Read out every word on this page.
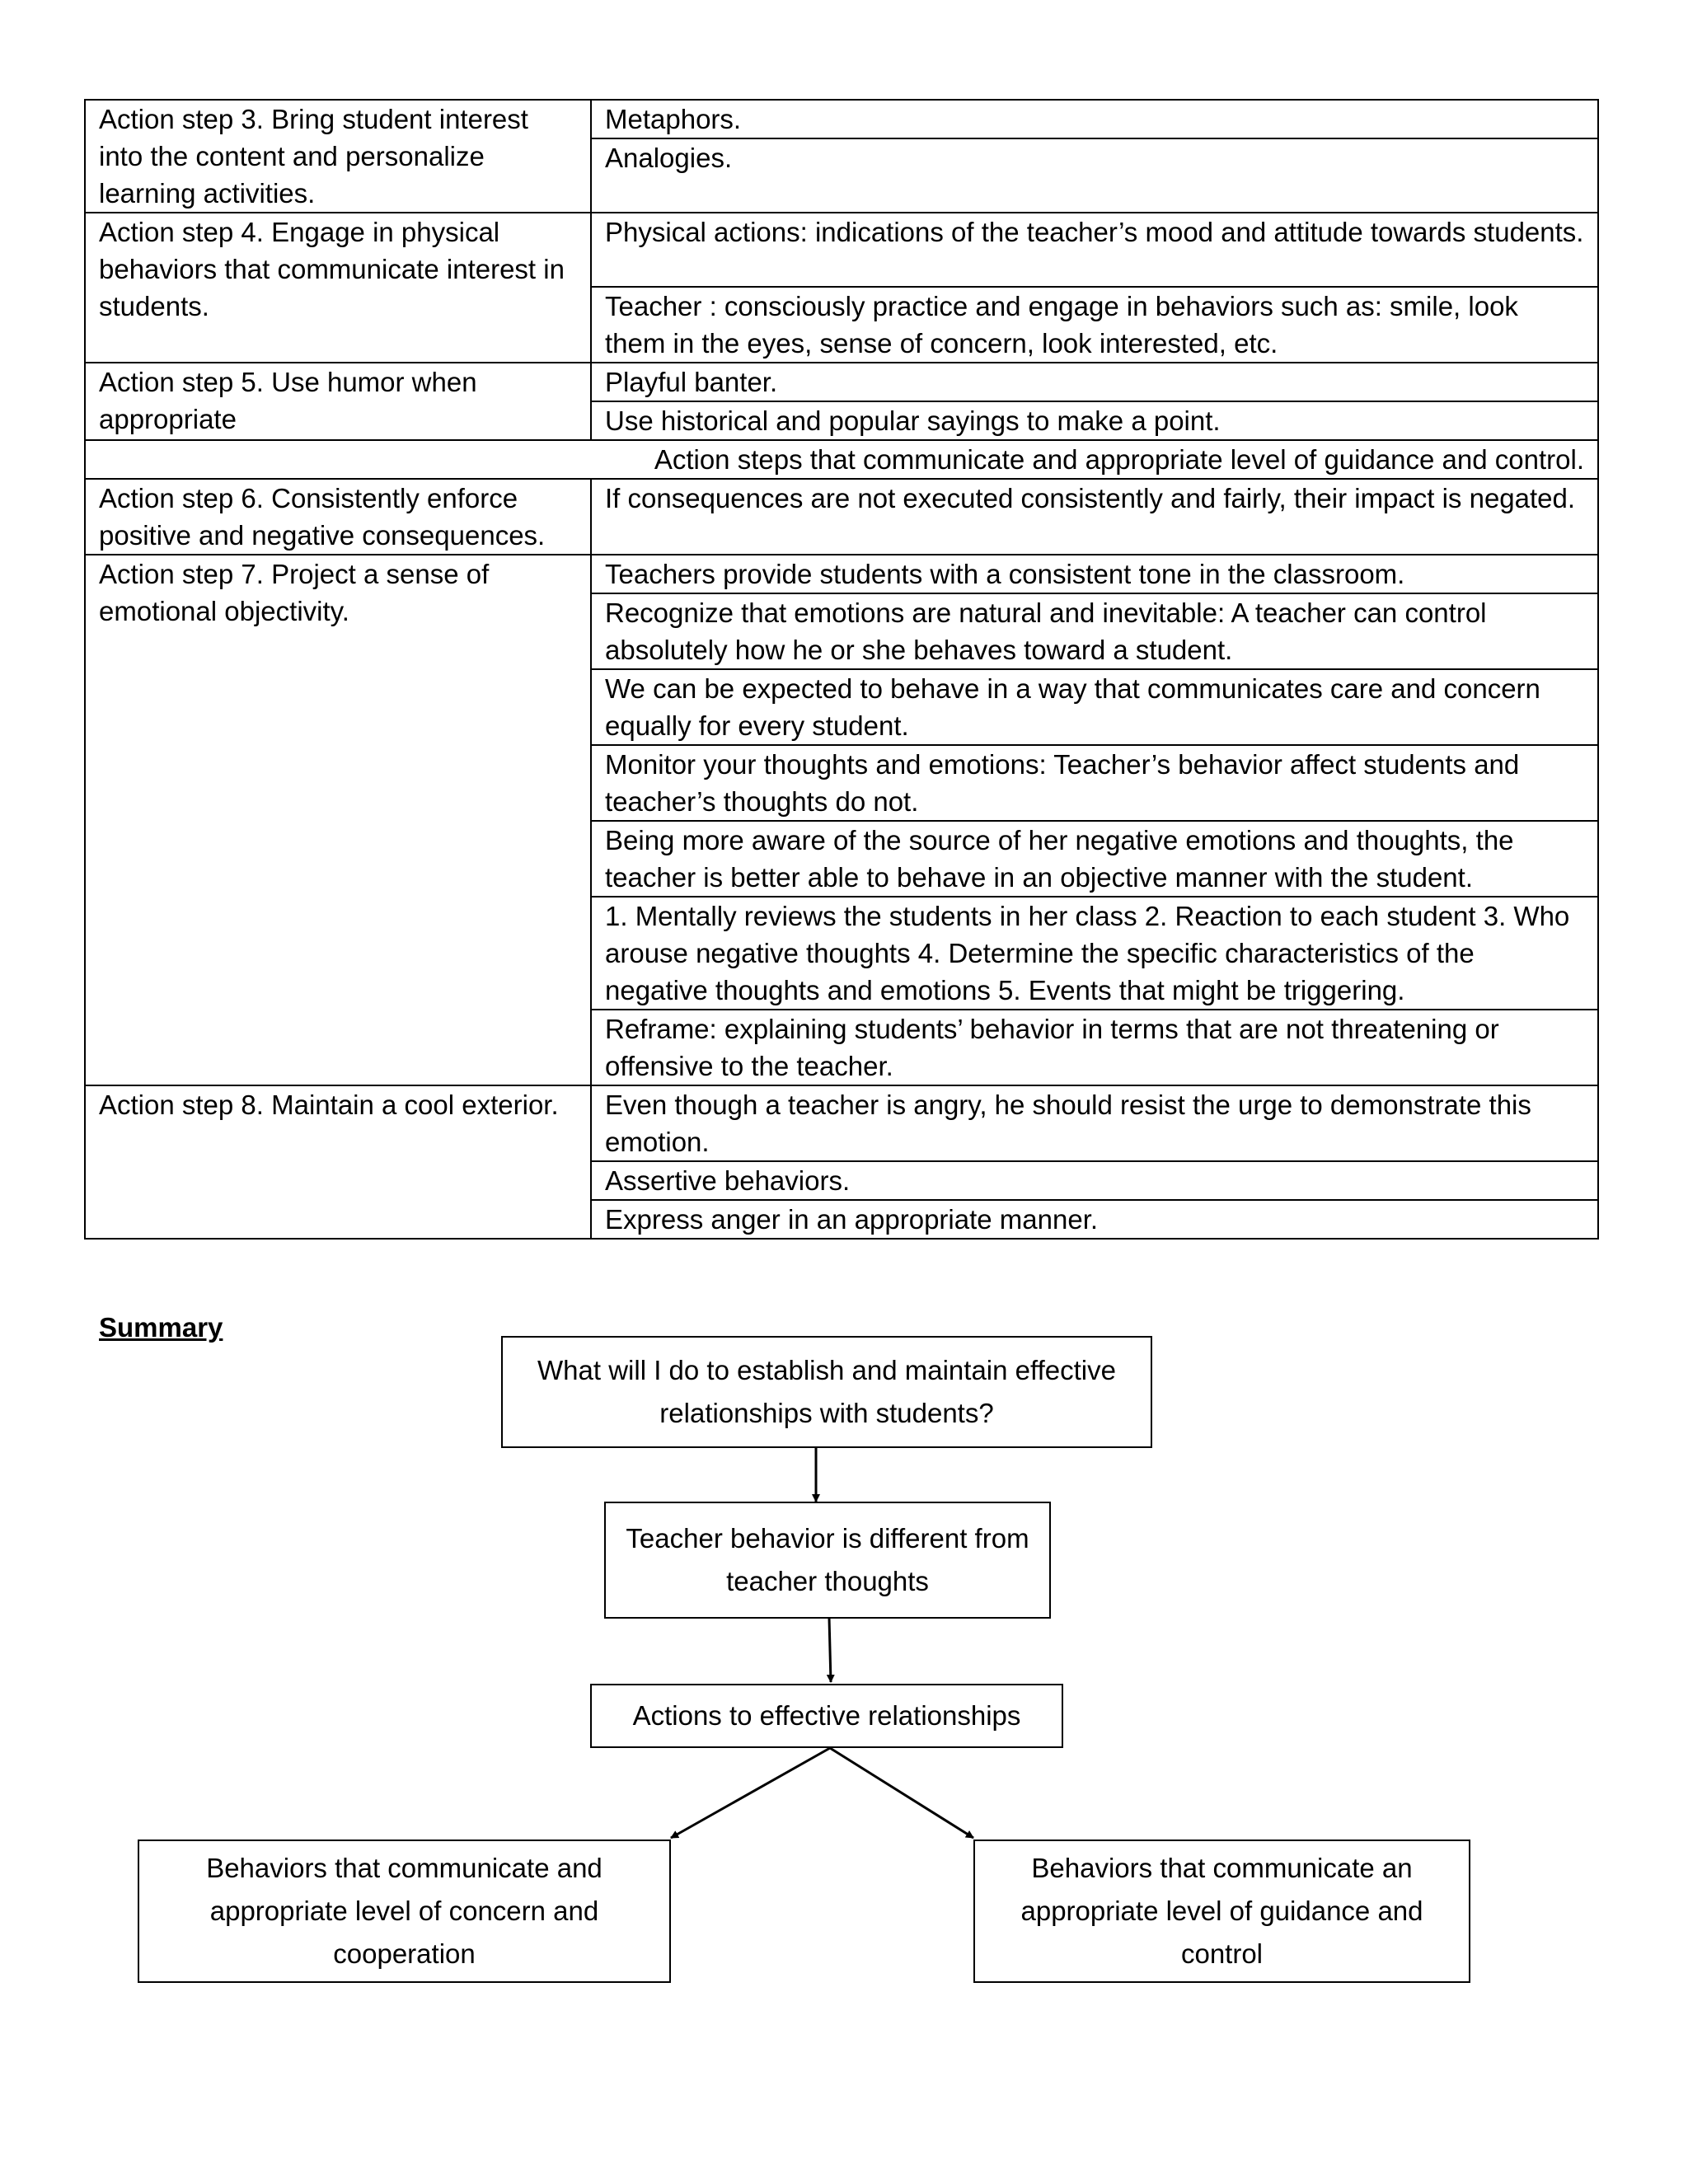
Action step 3. Bring student interest into the content and personalize learning activities.	Metaphors.
	Analogies.
Action step 4. Engage in physical behaviors that communicate interest in students.	Physical actions: indications of the teacher’s mood and attitude towards students.
	Teacher : consciously practice and engage in behaviors such as: smile, look them in the eyes, sense of concern, look interested, etc.
Action step 5. Use humor when appropriate	Playful banter.
	Use historical and popular sayings to make a point.
Action steps that communicate and appropriate level of guidance and control.	
Action step 6. Consistently enforce positive and negative consequences.	If consequences are not executed consistently and fairly, their impact is negated.
Action step 7. Project a sense of emotional objectivity.	Teachers provide students with a consistent tone in the classroom.
	Recognize that emotions are natural and inevitable: A teacher can control absolutely how he or she behaves toward a student.
	We can be expected to behave in a way that communicates care and concern equally for every student.
	Monitor your thoughts and emotions: Teacher’s behavior affect students and teacher’s thoughts do not.
	Being more aware of the source of her negative emotions and thoughts, the teacher is better able to behave in an objective manner with the student.
	1. Mentally reviews the students in her class 2. Reaction to each student 3. Who arouse negative thoughts 4. Determine the specific characteristics of the negative thoughts and emotions 5. Events that might be triggering.
	Reframe: explaining students’ behavior in terms that are not threatening or offensive to the teacher.
Action step 8. Maintain a cool exterior.	Even though a teacher is angry, he should resist the urge to demonstrate this emotion.
	Assertive behaviors.
	Express anger in an appropriate manner.
Summary
What will I do to establish and maintain effective relationships with students?
Teacher behavior is different from teacher thoughts
Actions to effective relationships
Behaviors that communicate and appropriate level of concern and cooperation
Behaviors that communicate an appropriate level of guidance and control
